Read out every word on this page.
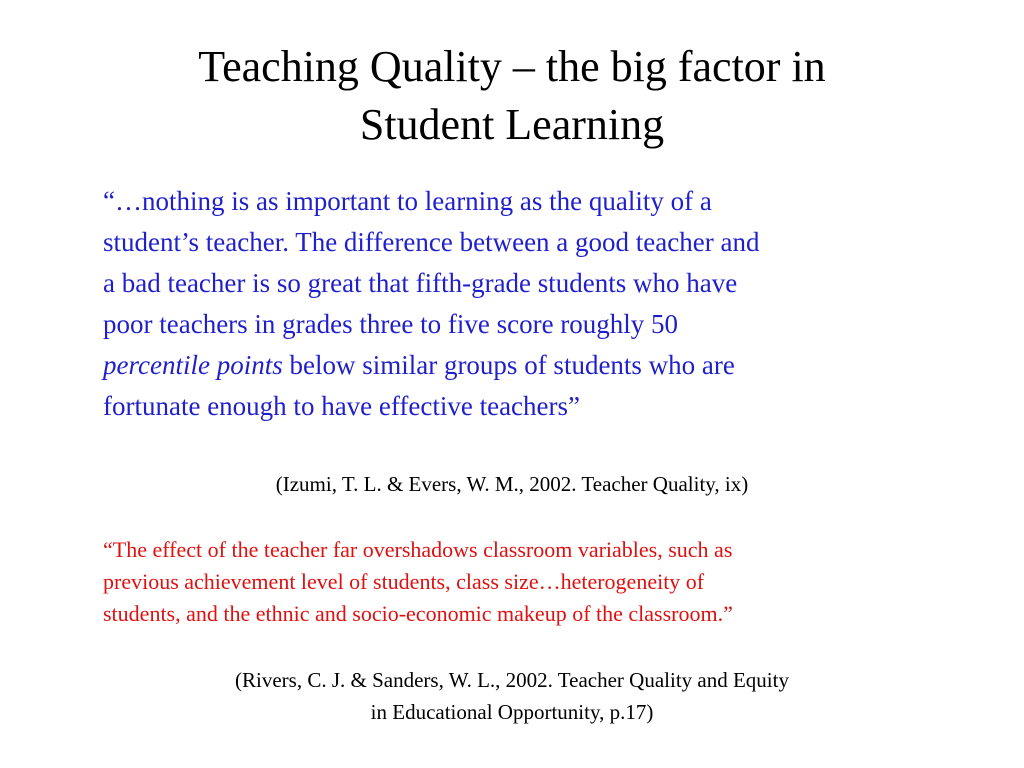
Teaching Quality – the big factor in
Student Learning

“…nothing is as important to learning as the quality of a
student’s teacher. The difference between a good teacher and
a bad teacher is so great that fifth-grade students who have
poor teachers in grades three to five score roughly 50
percentile points below similar groups of students who are
fortunate enough to have effective teachers”

(Izumi, T. L. & Evers, W. M., 2002. Teacher Quality, ix)

“The effect of the teacher far overshadows classroom variables, such as
previous achievement level of students, class size…heterogeneity of
students, and the ethnic and socio-economic makeup of the classroom.”

(Rivers, C. J. & Sanders, W. L., 2002. Teacher Quality and Equity
in Educational Opportunity, p.17)
